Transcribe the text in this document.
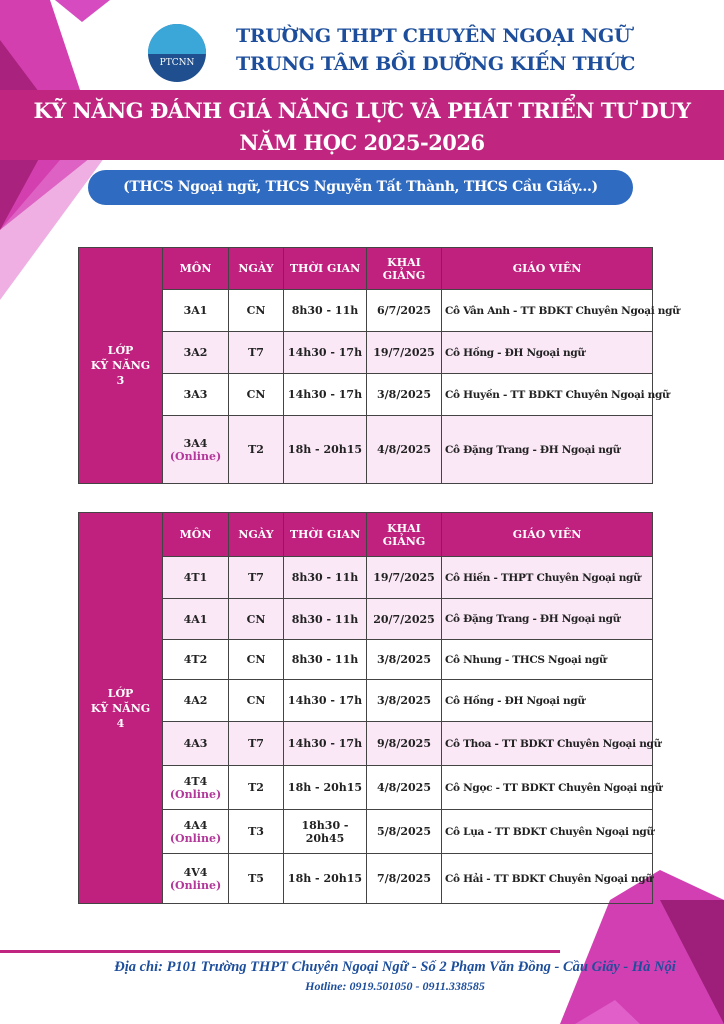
PTCNN
TRƯỜNG THPT CHUYÊN NGOẠI NGỮ
TRUNG TÂM BỒI DƯỠNG KIẾN THỨC
KỸ NĂNG ĐÁNH GIÁ NĂNG LỰC VÀ PHÁT TRIỂN TƯ DUY
NĂM HỌC 2025-2026
(THCS Ngoại ngữ, THCS Nguyễn Tất Thành, THCS Cầu Giấy...)
LỚP
KỸ NĂNG
3	MÔN	NGÀY	THỜI GIAN	KHAI GIẢNG	GIÁO VIÊN
	3A1	CN	8h30 - 11h	6/7/2025	Cô Vân Anh - TT BDKT Chuyên Ngoại ngữ
	3A2	T7	14h30 - 17h	19/7/2025	Cô Hồng - ĐH Ngoại ngữ
	3A3	CN	14h30 - 17h	3/8/2025	Cô Huyền - TT BDKT Chuyên Ngoại ngữ
	3A4
(Online)	T2	18h - 20h15	4/8/2025	Cô Đặng Trang - ĐH Ngoại ngữ
LỚP
KỸ NĂNG
4	MÔN	NGÀY	THỜI GIAN	KHAI GIẢNG	GIÁO VIÊN
	4T1	T7	8h30 - 11h	19/7/2025	Cô Hiền - THPT Chuyên Ngoại ngữ
	4A1	CN	8h30 - 11h	20/7/2025	Cô Đặng Trang - ĐH Ngoại ngữ
	4T2	CN	8h30 - 11h	3/8/2025	Cô Nhung - THCS Ngoại ngữ
	4A2	CN	14h30 - 17h	3/8/2025	Cô Hồng - ĐH Ngoại ngữ
	4A3	T7	14h30 - 17h	9/8/2025	Cô Thoa - TT BDKT Chuyên Ngoại ngữ
	4T4
(Online)	T2	18h - 20h15	4/8/2025	Cô Ngọc - TT BDKT Chuyên Ngoại ngữ
	4A4
(Online)	T3	18h30 - 20h45	5/8/2025	Cô Lụa - TT BDKT Chuyên Ngoại ngữ
	4V4
(Online)	T5	18h - 20h15	7/8/2025	Cô Hải - TT BDKT Chuyên Ngoại ngữ
Địa chỉ: P101 Trường THPT Chuyên Ngoại Ngữ - Số 2 Phạm Văn Đồng - Cầu Giấy - Hà Nội
Hotline: 0919.501050 - 0911.338585
